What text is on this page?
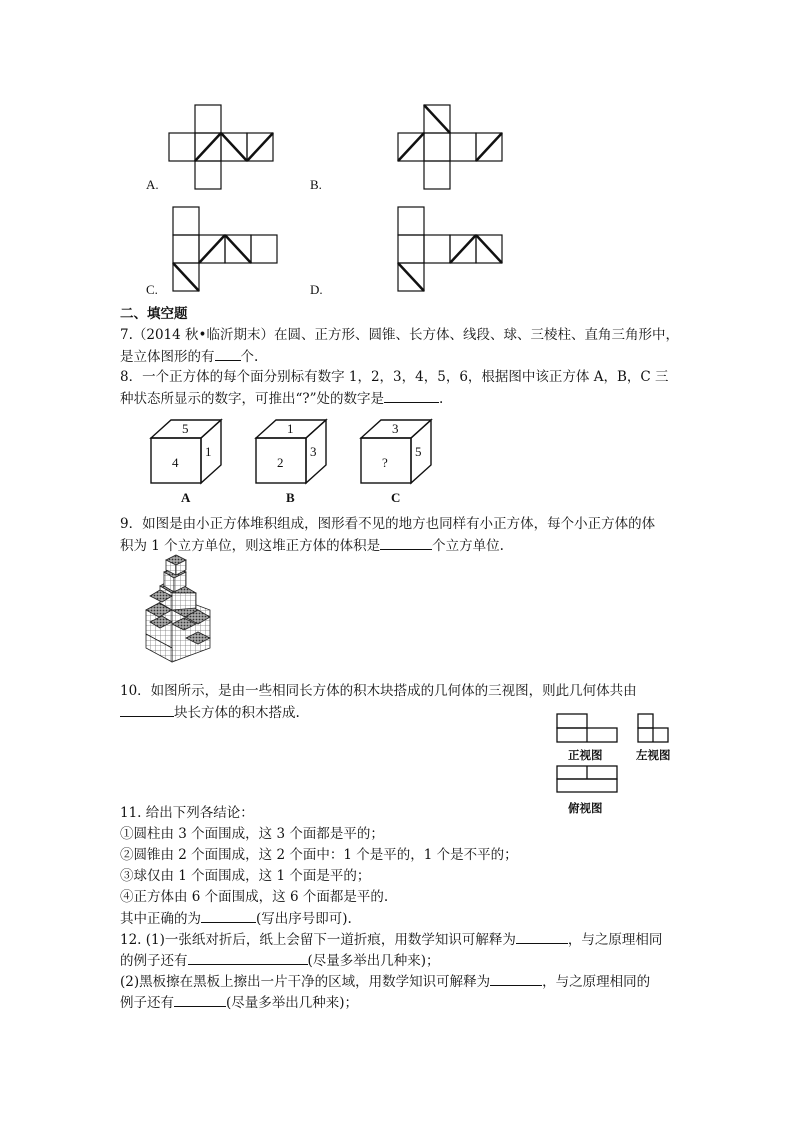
A.	B.
C.	D.
二、填空题
7.（2014 秋•临沂期末）在圆、正方形、圆锥、长方体、线段、球、三棱柱、直角三角形中，
是立体图形的有 个.
8．一个正方体的每个面分别标有数字 1，2，3，4，5，6，根据图中该正方体 A，B，C 三
种状态所显示的数字，可推出“?”处的数字是	.
5
4
1
A
1
2
3
B
3
?
5
C
9．如图是由小正方体堆积组成，图形看不见的地方也同样有小正方体，每个小正方体的体
积为 1 个立方单位，则这堆正方体的体积是	个立方单位.
10．如图所示，是由一些相同长方体的积木块搭成的几何体的三视图，则此几何体共由
块长方体的积木搭成.
正视图	左视图
俯视图
11. 给出下列各结论：
①圆柱由 3 个面围成，这 3 个面都是平的；
②圆锥由 2 个面围成，这 2 个面中：1 个是平的，1 个是不平的；
③球仅由 1 个面围成，这 1 个面是平的；
④正方体由 6 个面围成，这 6 个面都是平的.
其中正确的为	(写出序号即可).
12. (1)一张纸对折后，纸上会留下一道折痕，用数学知识可解释为	，与之原理相同
的例子还有	(尽量多举出几种来)；
(2)黑板擦在黑板上擦出一片干净的区域，用数学知识可解释为	，与之原理相同的
例子还有	(尽量多举出几种来)；
